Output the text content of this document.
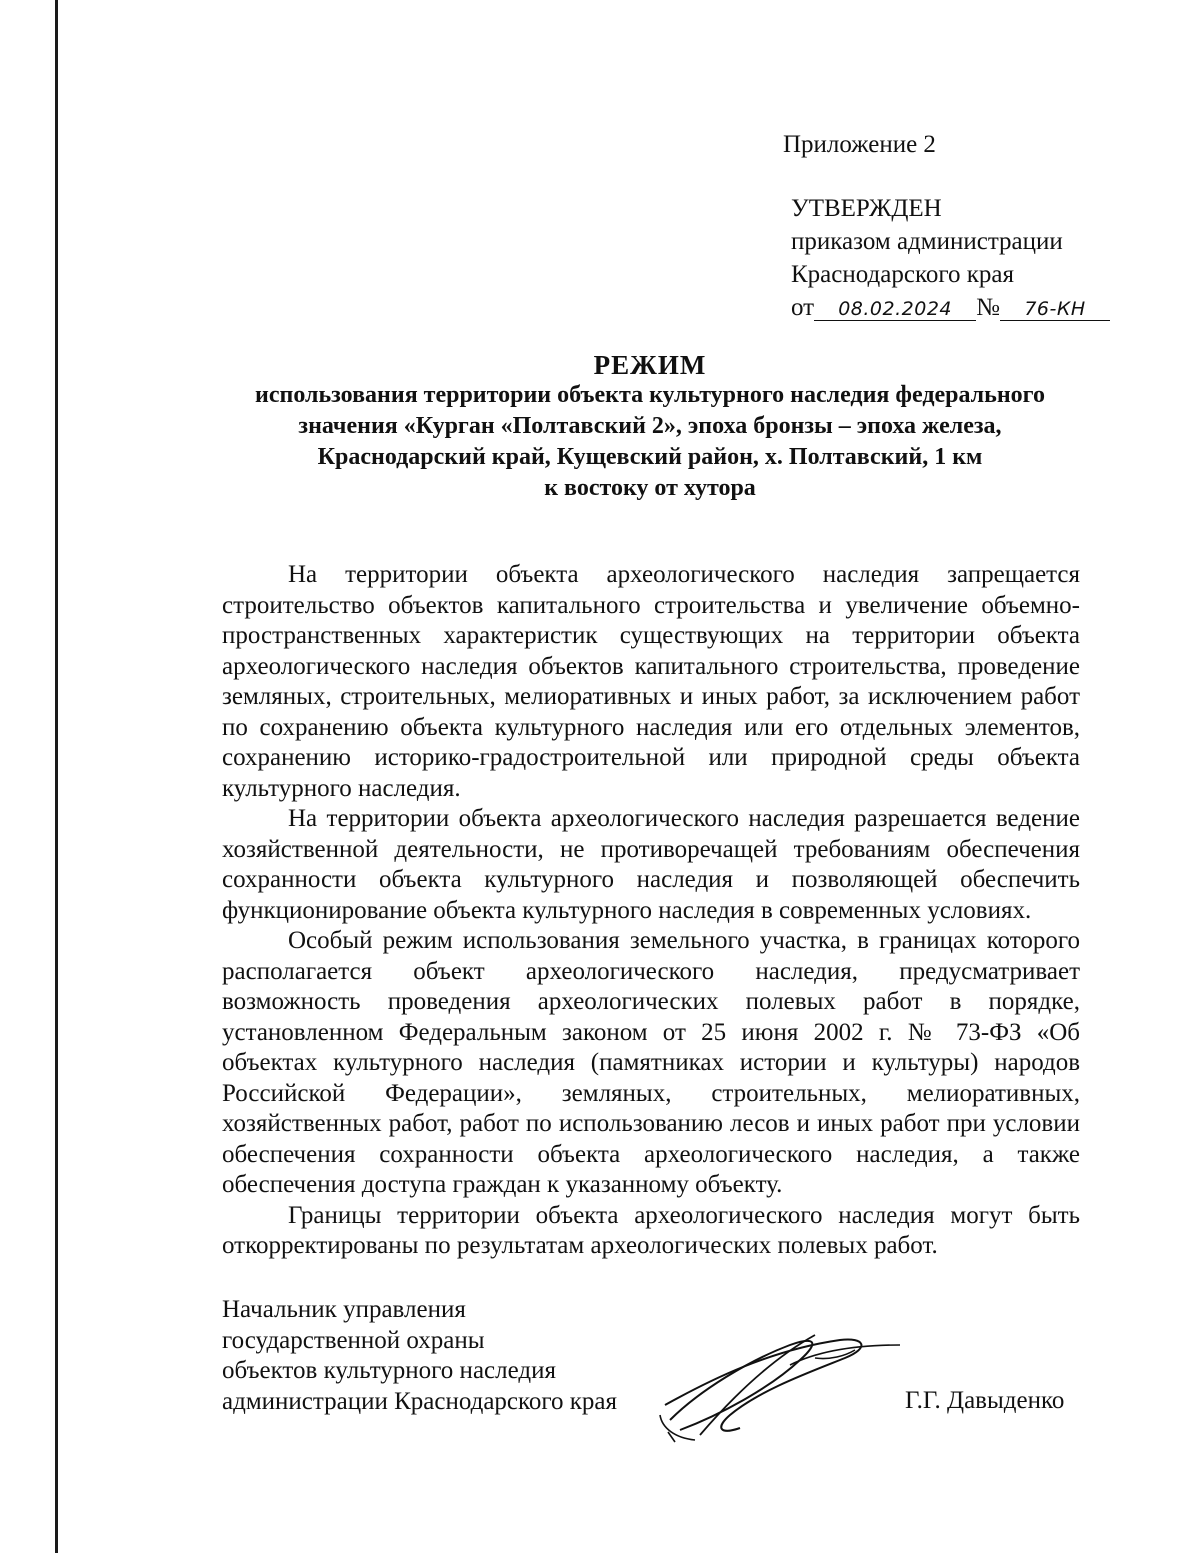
Приложение 2
УТВЕРЖДЕН
приказом администрации
Краснодарского края
от 08.02.2024 № 76-КН
РЕЖИМ
использования территории объекта культурного наследия федерального
значения «Курган «Полтавский 2», эпоха бронзы – эпоха железа,
Краснодарский край, Кущевский район, х. Полтавский, 1 км
к востоку от хутора

На территории объекта археологического наследия запрещается строительство объектов капитального строительства и увеличение объемно-пространственных характеристик существующих на территории объекта археологического наследия объектов капитального строительства, проведение земляных, строительных, мелиоративных и иных работ, за исключением работ по сохранению объекта культурного наследия или его отдельных элементов, сохранению историко-градостроительной или природной среды объекта культурного наследия.

На территории объекта археологического наследия разрешается ведение хозяйственной деятельности, не противоречащей требованиям обеспечения сохранности объекта культурного наследия и позволяющей обеспечить функционирование объекта культурного наследия в современных условиях.

Особый режим использования земельного участка, в границах которого располагается объект археологического наследия, предусматривает возможность проведения археологических полевых работ в порядке, установленном Федеральным законом от 25 июня 2002 г. № 73-ФЗ «Об объектах культурного наследия (памятниках истории и культуры) народов Российской Федерации», земляных, строительных, мелиоративных, хозяйственных работ, работ по использованию лесов и иных работ при условии обеспечения сохранности объекта археологического наследия, а также обеспечения доступа граждан к указанному объекту.

Границы территории объекта археологического наследия могут быть откорректированы по результатам археологических полевых работ.

Начальник управления
государственной охраны
объектов культурного наследия
администрации Краснодарского края	Г.Г. Давыденко
